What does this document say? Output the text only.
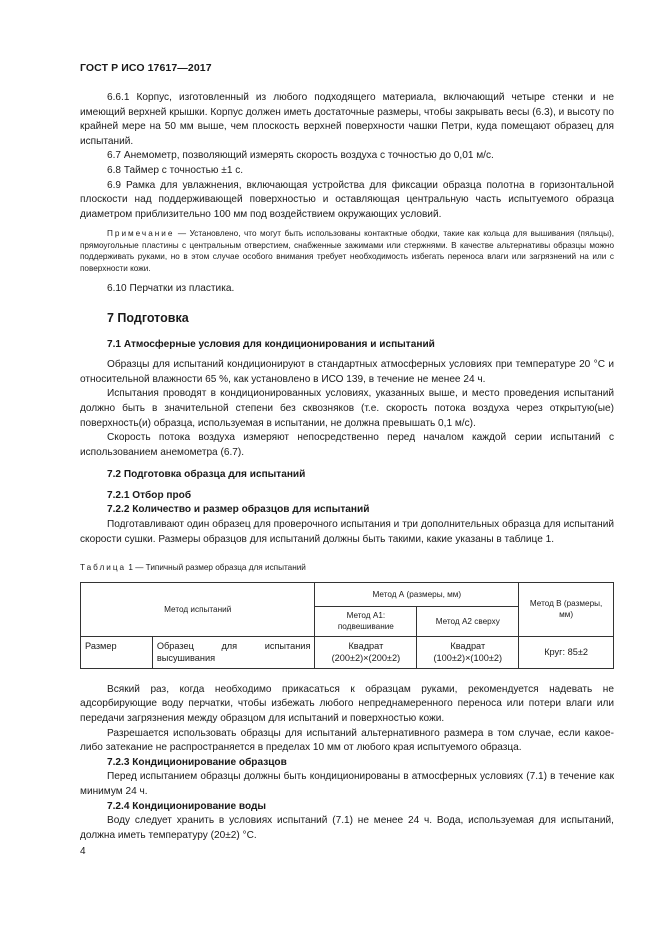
ГОСТ Р ИСО 17617—2017

6.6.1 Корпус, изготовленный из любого подходящего материала, включающий четыре стенки и не имеющий верхней крышки. Корпус должен иметь достаточные размеры, чтобы закрывать весы (6.3), и высоту по крайней мере на 50 мм выше, чем плоскость верхней поверхности чашки Петри, куда помещают образец для испытаний.

6.7 Анемометр, позволяющий измерять скорость воздуха с точностью до 0,01 м/с.

6.8 Таймер с точностью ±1 с.

6.9 Рамка для увлажнения, включающая устройства для фиксации образца полотна в горизонтальной плоскости над поддерживающей поверхностью и оставляющая центральную часть испытуемого образца диаметром приблизительно 100 мм под воздействием окружающих условий.

Примечание — Установлено, что могут быть использованы контактные ободки, такие как кольца для вышивания (пяльцы), прямоугольные пластины с центральным отверстием, снабженные зажимами или стержнями. В качестве альтернативы образцы можно поддерживать руками, но в этом случае особого внимания требует необходимость избегать переноса влаги или загрязнений на или с поверхности кожи.

6.10 Перчатки из пластика.

7 Подготовка
7.1 Атмосферные условия для кондиционирования и испытаний

Образцы для испытаний кондиционируют в стандартных атмосферных условиях при температуре 20 °C и относительной влажности 65 %, как установлено в ИСО 139, в течение не менее 24 ч.

Испытания проводят в кондиционированных условиях, указанных выше, и место проведения испытаний должно быть в значительной степени без сквозняков (т.е. скорость потока воздуха через открытую(ые) поверхность(и) образца, используемая в испытании, не должна превышать 0,1 м/с).

Скорость потока воздуха измеряют непосредственно перед началом каждой серии испытаний с использованием анемометра (6.7).

7.2 Подготовка образца для испытаний
7.2.1 Отбор проб
7.2.2 Количество и размер образцов для испытаний

Подготавливают один образец для проверочного испытания и три дополнительных образца для испытаний скорости сушки. Размеры образцов для испытаний должны быть такими, какие указаны в таблице 1.

Таблица 1 — Типичный размер образца для испытаний
Метод испытаний		Метод А (размеры, мм)		Метод В (размеры, мм)
		Метод А1: подвешивание	Метод А2 сверху	
Размер	Образец для испытания высушивания	Квадрат (200±2)×(200±2)	Квадрат (100±2)×(100±2)	Круг: 85±2

Всякий раз, когда необходимо прикасаться к образцам руками, рекомендуется надевать не адсорбирующие воду перчатки, чтобы избежать любого непреднамеренного переноса или потери влаги или передачи загрязнения между образцом для испытаний и поверхностью кожи.

Разрешается использовать образцы для испытаний альтернативного размера в том случае, если какое-либо затекание не распространяется в пределах 10 мм от любого края испытуемого образца.

7.2.3 Кондиционирование образцов

Перед испытанием образцы должны быть кондиционированы в атмосферных условиях (7.1) в течение как минимум 24 ч.

7.2.4 Кондиционирование воды

Воду следует хранить в условиях испытаний (7.1) не менее 24 ч. Вода, используемая для испытаний, должна иметь температуру (20±2) °C.

4
